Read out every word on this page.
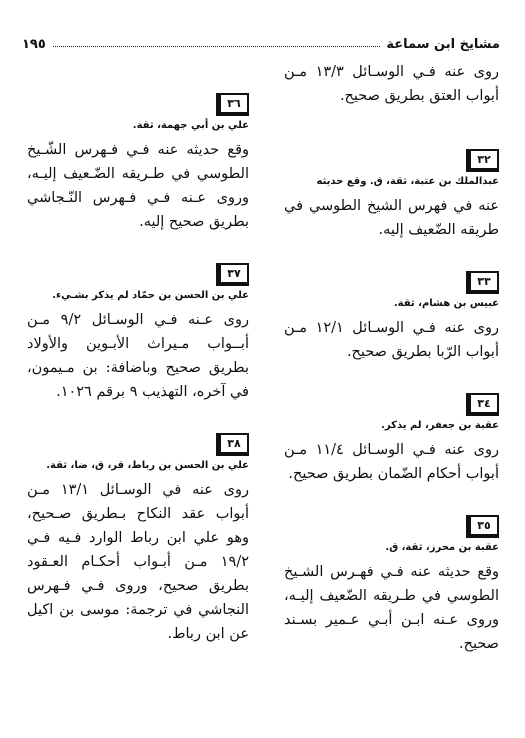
مشايخ ابن سماعة
١٩٥

روى عنه فـي الوسـائل ١٣/٣ مـن أبواب العتق بطريق صحيح.

٣٢

عبدالملك بن عتبة، ثقة، ق. وقع حديثه

عنه في فهرس الشيخ الطوسي في طريقه الضّعيف إليه.

٣٣

عبيس بن هشام، ثقة.

روى عنه فـي الوسـائل ١٢/١ مـن أبواب الرّبا بطريق صحيح.

٣٤

عقبة بن جعفر، لم يذكر.

روى عنه فـي الوسـائل ١١/٤ مـن أبواب أحكام الضّمان بطريق صحيح.

٣٥

عقبة بن محرز، ثقة، ق.

وقع حديثه عنه فـي فهـرس الشـيخ الطوسي في طـريقه الضّعيف إليـه، وروى عـنه ابـن أبـي عـمير بسـند صحيح.

٣٦

علي بن أبي جهمة، ثقة.

وقع حديثه عنه فـي فـهرس الشّـيخ الطوسي في طـريقه الضّـعيف إليـه، وروى عـنه فـي فـهرس النّـجاشي بطريق صحيح إليه.

٣٧

علي بن الحسن بن حمّاد لم يذكر بشـيء.

روى عـنه فـي الوسـائل ٩/٢ مـن أبــواب مـيراث الأبـوين والأولاد بطريق صحيح وباضافة: بن مـيمون، في آخره، التهذيب ٩ برقم ١٠٢٦.

٣٨

علي بن الحسن بن رباط، قر، ق، ضا، ثقة.

روى عنه في الوسـائل ١٣/١ مـن أبواب عقد النكاح بـطريق صـحيح، وهو علي ابن رباط الوارد فـيه فـي ١٩/٢ مـن أبـواب أحكـام العـقود بطريق صحيح، وروى فـي فـهرس النجاشي في ترجمة: موسى بن اكيل عن ابن رباط.
